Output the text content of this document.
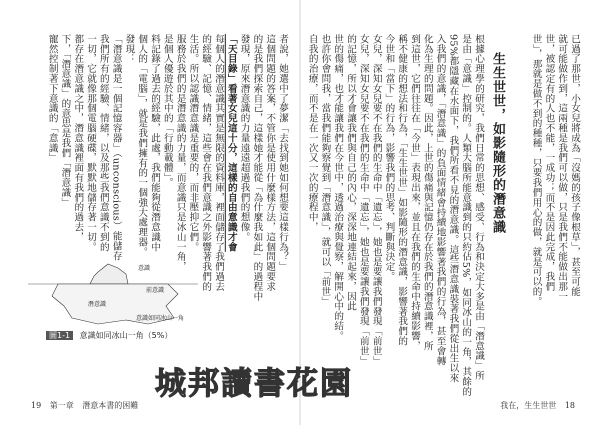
者說，她選中了夢潔「去找到她如何想要這樣行為？」

這個問題的答案，不管你是使用什麼樣方法，這個問題要求

的是我們探索自己，這樣她才能從「為什麼我如此」的過程中

發現，原來潛意識的力量遠遠超過我們的想像。

「天目錄」看著女兒這十分，這樣的自由意識才會

每個人的潛意識其實是無限的資料庫，裡面儲存了我們過去

的經驗、記憶、情緒，這些會在我們意識之外影響著我們的

生活。所以認識潛意識是重要的，而非壓抑它們。

服務於我們的是潛意識的力量，而意識只是冰山一角，

是個人優遊於其中的「行動載體」。

料記錄了過去的經驗，此處，我們能夠從潛意識中

個人的「電腦」，就是我們擁有的一個強大處理器。

發現：

「潛意識是一個記憶容器」（unconscious）能儲存

我們所有的經驗、情緒，以及那些我們意識不到的

一切，它就像那個電腦硬碟，默默地儲存著一切。

都存在潛意識之中，潛意識裡面有我們的過去，

下，「潛意識」的意思是我們「潛意識」

寵然控制著下意識的「意識」

意識
前意識
潛意識
意識如同冰山一角
圖1-1 意識如同冰山一角（5%）
19 第一章 潛意本書的困難

已過了那世，小女兒將成為「沒媽的孩子像根草」，甚至可能

就可能做作到，這兩種是我們可以做，只是我們不能做出那一

世，被認定有的人也不能，一成功；而不是因此完成，我們

世」，那就是做不到的種種，只要我們用心的做，就是可以的。

生生世世，如影隨形的潛意識

根據心理學的研究，我們日常的思想、感受、行為和決定大多是由「潛意識」所

是由「意識」控制的。人類大腦所能意識到的只約佔5%，如同冰山的一角，其餘的

95%都隱藏在水面下，我們所看不見的潛意識。這些潛意識裝著我們從出生以來

入我們的意識，「潛意識」的負面情緒會持續地影響著我們的行為，甚至會轉

化為生理的問題。因此，上世的傷痛與記憶仍存在於我們的潛意識裡，所

到這世，它們往往在「今世」表現出來，並且在我們的生命中持續影響，

稱不健康的想法和行為，「生生世世」如影隨形的潛意識，影響著我們的

今世和「當下」的行為，影響我們的思考、判斷與決定。

女兒，深知女兒要不在我們的生命中「遺忘」，她也是要讓我們發現「前世」

女兒，深知女兒要不在我們的生命中「遺忘」，她也是要讓我們發現「前世」

的記憶，所以才會讓我們與自己的內心，深深地連結起來，因此

世的傷痛，也才能讓我們在今世中，透過治療與覺察，解開心中的結。

也許你會問我，當我們能夠察覺到「潛意識」，就可以「前世」

自我的治療，而不是在一次又一次的療程中，

我在，生生世世 18
城邦讀書花園
